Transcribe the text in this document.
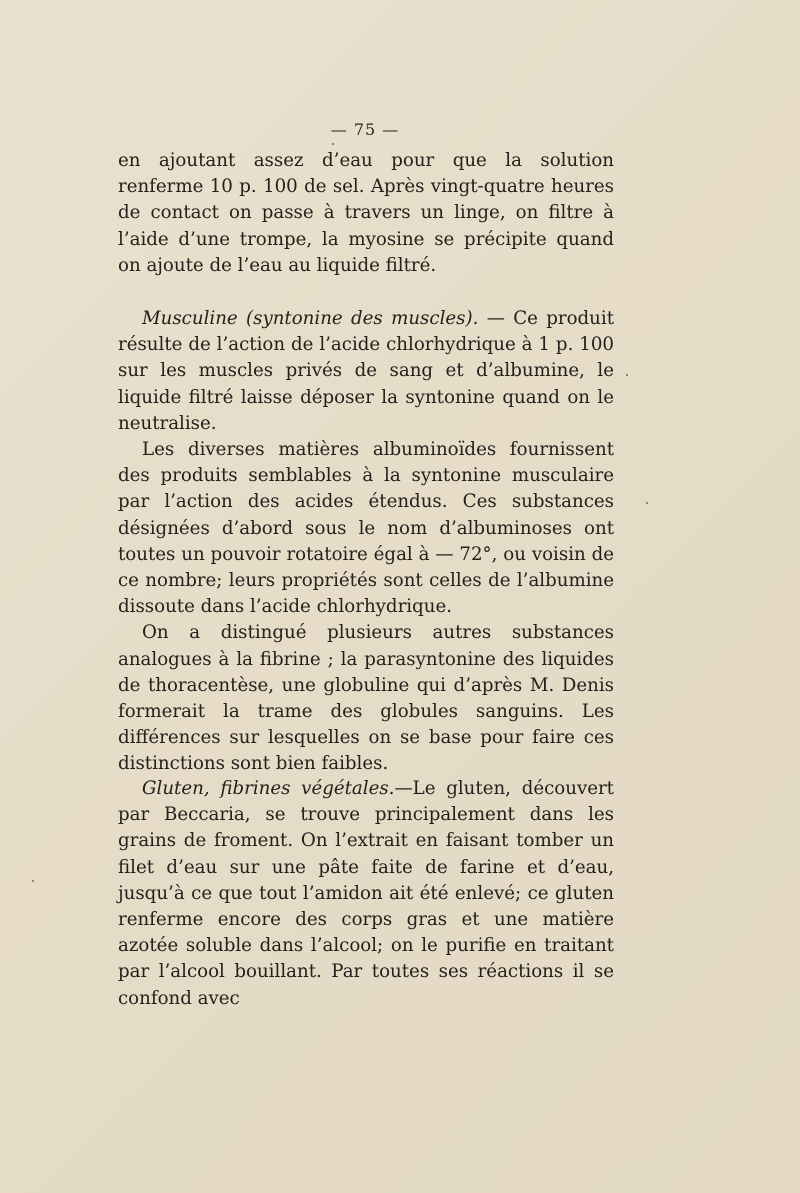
— 75 —

en ajoutant assez d’eau pour que la solution renferme 10 p. 100 de sel. Après vingt-quatre heures de contact on passe à travers un linge, on filtre à l’aide d’une trompe, la myosine se précipite quand on ajoute de l’eau au liquide filtré.

Musculine (syntonine des muscles). — Ce produit résulte de l’action de l’acide chlorhydrique à 1 p. 100 sur les muscles privés de sang et d’albumine, le liquide filtré laisse déposer la syntonine quand on le neutralise.

Les diverses matières albuminoïdes fournissent des produits semblables à la syntonine musculaire par l’action des acides étendus. Ces substances désignées d’abord sous le nom d’albuminoses ont toutes un pouvoir rotatoire égal à — 72°, ou voisin de ce nombre; leurs propriétés sont celles de l’albumine dissoute dans l’acide chlorhydrique.

On a distingué plusieurs autres substances analogues à la fibrine ; la parasyntonine des liquides de thoracentèse, une globuline qui d’après M. Denis formerait la trame des globules sanguins. Les différences sur lesquelles on se base pour faire ces distinctions sont bien faibles.

Gluten, fibrines végétales.—Le gluten, découvert par Beccaria, se trouve principalement dans les grains de froment. On l’extrait en faisant tomber un filet d’eau sur une pâte faite de farine et d’eau, jusqu’à ce que tout l’amidon ait été enlevé; ce gluten renferme encore des corps gras et une matière azotée soluble dans l’alcool; on le purifie en traitant par l’alcool bouillant. Par toutes ses réactions il se confond avec
